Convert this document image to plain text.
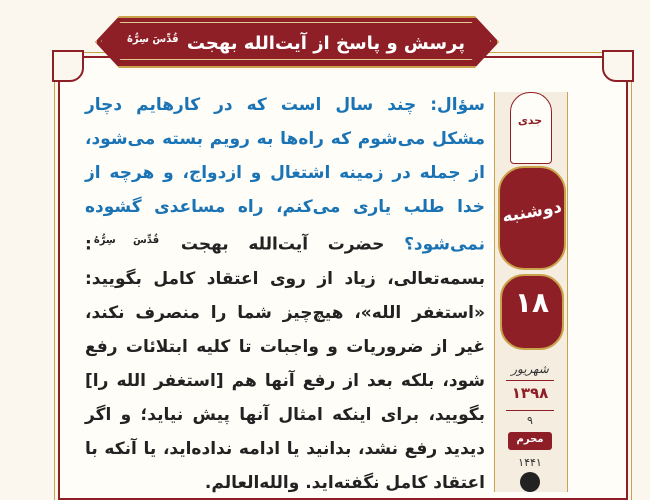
پرسش و پاسخ از آیت‌الله بهجت $^{قُدِّسَ سِرُّهُ}$

سؤال: چند سال است که در کارهایم دچار مشکل می‌شوم که راه‌ها به رویم بسته می‌شود، از جمله در زمینه اشتغال و ازدواج، و هرچه از خدا طلب یاری می‌کنم، راه مساعدی گشوده نمی‌شود؟ حضرت آیت‌الله بهجت $^{قُدِّسَ سِرُّهُ}$: بسمه‌تعالی، زیاد از روی اعتقاد کامل بگویید: «استغفر الله»، هیچ‌چیز شما را منصرف نکند، غیر از ضروریات و واجبات تا کلیه ابتلائات رفع شود، بلکه بعد از رفع آنها هم [استغفر الله را] بگویید، برای اینکه امثال آنها پیش نیاید؛ و اگر دیدید رفع نشد، بدانید یا ادامه نداده‌اید، یا آنکه با اعتقاد کامل نگفته‌اید. والله‌العالم.

جدی
دوشنبه
۱۸
شهریور
۱۳۹۸
۹
محرم
۱۴۴۱
